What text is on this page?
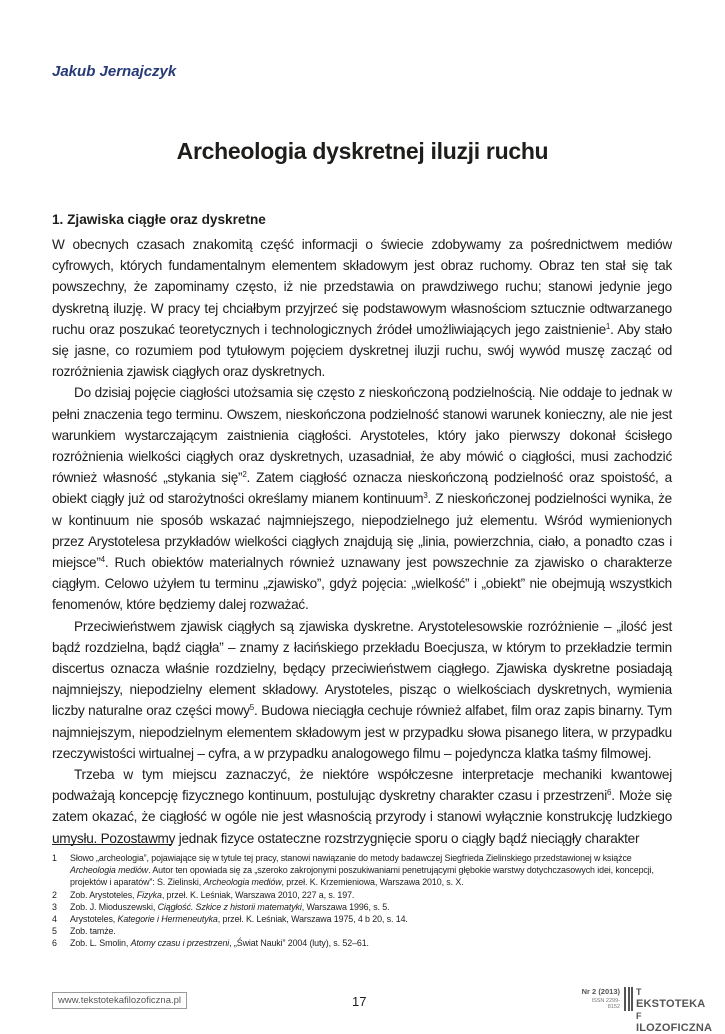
Jakub Jernajczyk

Archeologia dyskretnej iluzji ruchu
1. Zjawiska ciągłe oraz dyskretne

W obecnych czasach znakomitą część informacji o świecie zdobywamy za pośrednictwem mediów cyfrowych, których fundamentalnym elementem składowym jest obraz ruchomy. Obraz ten stał się tak powszechny, że zapominamy często, iż nie przedstawia on prawdziwego ruchu; stanowi jedynie jego dyskretną iluzję. W pracy tej chciałbym przyjrzeć się podstawowym własnościom sztucznie odtwarzanego ruchu oraz poszukać teoretycznych i technologicznych źródeł umożliwiających jego zaistnienie$^1$. Aby stało się jasne, co rozumiem pod tytułowym pojęciem dyskretnej iluzji ruchu, swój wywód muszę zacząć od rozróżnienia zjawisk ciągłych oraz dyskretnych.

Do dzisiaj pojęcie ciągłości utożsamia się często z nieskończoną podzielnością. Nie oddaje to jednak w pełni znaczenia tego terminu. Owszem, nieskończona podzielność stanowi warunek konieczny, ale nie jest warunkiem wystarczającym zaistnienia ciągłości. Arystoteles, który jako pierwszy dokonał ścisłego rozróżnienia wielkości ciągłych oraz dyskretnych, uzasadniał, że aby mówić o ciągłości, musi zachodzić również własność „stykania się”$^2$. Zatem ciągłość oznacza nieskończoną podzielność oraz spoistość, a obiekt ciągły już od starożytności określamy mianem kontinuum$^3$. Z nieskończonej podzielności wynika, że w kontinuum nie sposób wskazać najmniejszego, niepodzielnego już elementu. Wśród wymienionych przez Arystotelesa przykładów wielkości ciągłych znajdują się „linia, powierzchnia, ciało, a ponadto czas i miejsce”$^4$. Ruch obiektów materialnych również uznawany jest powszechnie za zjawisko o charakterze ciągłym. Celowo użyłem tu terminu „zjawisko”, gdyż pojęcia: „wielkość” i „obiekt” nie obejmują wszystkich fenomenów, które będziemy dalej rozważać.

Przeciwieństwem zjawisk ciągłych są zjawiska dyskretne. Arystotelesowskie rozróżnienie – „ilość jest bądź rozdzielna, bądź ciągła” – znamy z łacińskiego przekładu Boecjusza, w którym to przekładzie termin discertus oznacza właśnie rozdzielny, będący przeciwieństwem ciągłego. Zjawiska dyskretne posiadają najmniejszy, niepodzielny element składowy. Arystoteles, pisząc o wielkościach dyskretnych, wymienia liczby naturalne oraz części mowy$^5$. Budowa nieciągła cechuje również alfabet, film oraz zapis binarny. Tym najmniejszym, niepodzielnym elementem składowym jest w przypadku słowa pisanego litera, w przypadku rzeczywistości wirtualnej – cyfra, a w przypadku analogowego filmu – pojedyncza klatka taśmy filmowej.

Trzeba w tym miejscu zaznaczyć, że niektóre współczesne interpretacje mechaniki kwantowej podważają koncepcję fizycznego kontinuum, postulując dyskretny charakter czasu i przestrzeni$^6$. Może się zatem okazać, że ciągłość w ogóle nie jest własnością przyrody i stanowi wyłącznie konstrukcję ludzkiego umysłu. Pozostawmy jednak fizyce ostateczne rozstrzygnięcie sporu o ciągły bądź nieciągły charakter

1 Słowo „archeologia”, pojawiające się w tytule tej pracy, stanowi nawiązanie do metody badawczej Siegfrieda Zielinskiego przedstawionej w książce Archeologia mediów. Autor ten opowiada się za „szeroko zakrojonymi poszukiwaniami penetrującymi głębokie warstwy dotychczasowych idei, koncepcji, projektów i aparatów”: S. Zielinski, Archeologia mediów, przeł. K. Krzemieniowa, Warszawa 2010, s. X.
2 Zob. Arystoteles, Fizyka, przeł. K. Leśniak, Warszawa 2010, 227 a, s. 197.
3 Zob. J. Mioduszewski, Ciągłość. Szkice z historii matematyki, Warszawa 1996, s. 5.
4 Arystoteles, Kategorie i Hermeneutyka, przeł. K. Leśniak, Warszawa 1975, 4 b 20, s. 14.
5 Zob. tamże.
6 Zob. L. Smolin, Atomy czasu i przestrzeni, „Świat Nauki” 2004 (luty), s. 52–61.
www.tekstotekafilozoficzna.pl	17
Nr 2 (2013)
ISSN 2299-8152
T
EKSTOTEKA
F
ILOZOFICZNA
